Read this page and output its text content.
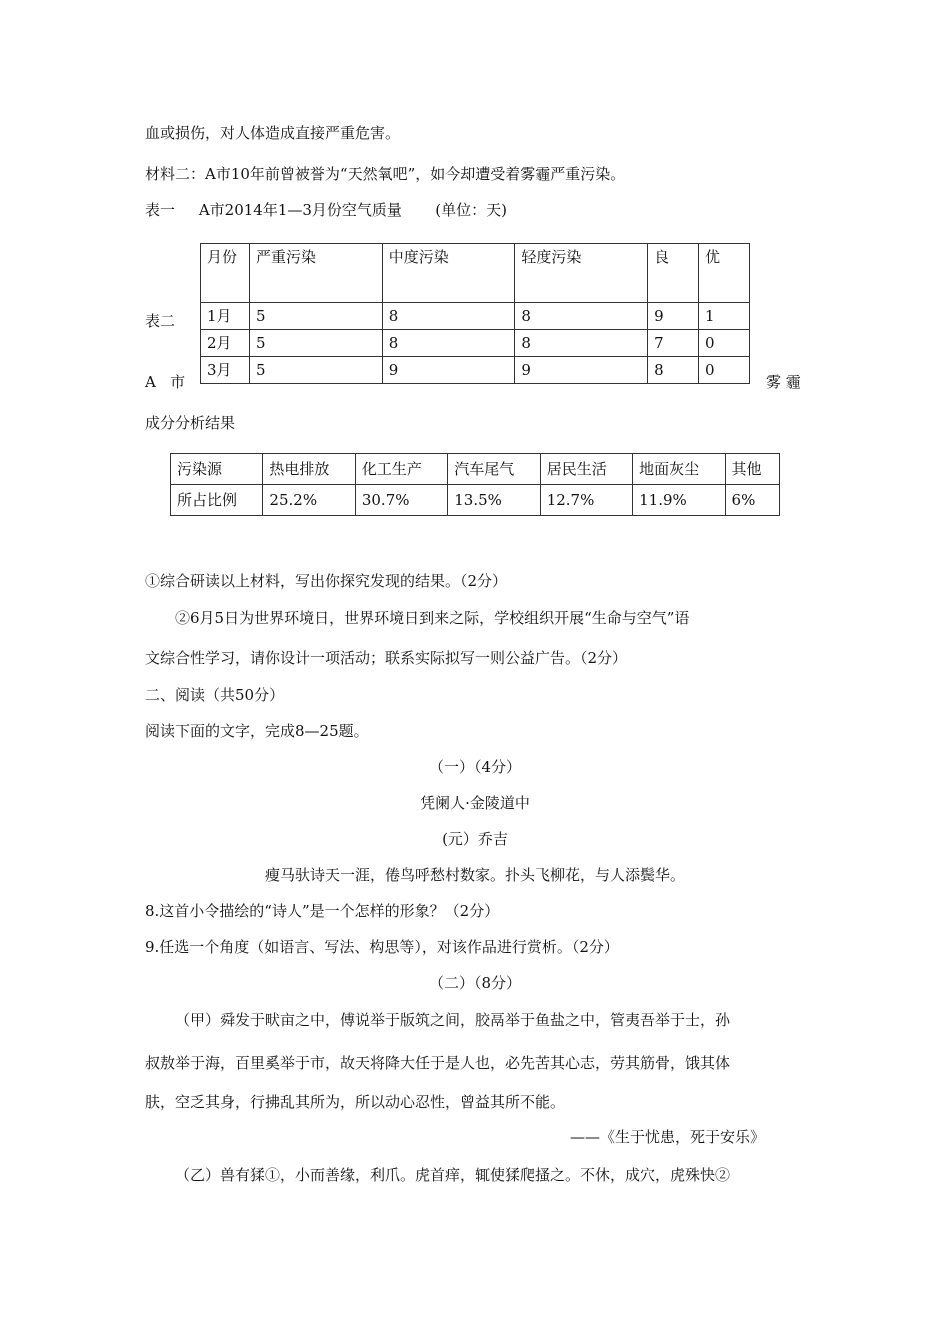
血或损伤，对人体造成直接严重危害。
材料二：A市10年前曾被誉为“天然氧吧”，如今却遭受着雾霾严重污染。
表一     A市2014年1—3月份空气质量       (单位：天)
月份	严重污染	中度污染	轻度污染	良	优
1月	5	8	8	9	1
2月	5	8	8	7	0
3月	5	9	9	8	0
表二
A   市	雾 霾
成分分析结果
污染源	热电排放	化工生产	汽车尾气	居民生活	地面灰尘	其他
所占比例	25.2%	30.7%	13.5%	12.7%	11.9%	6%
①综合研读以上材料，写出你探究发现的结果。（2分）
②6月5日为世界环境日，世界环境日到来之际，学校组织开展“生命与空气”语
文综合性学习，请你设计一项活动；联系实际拟写一则公益广告。（2分）
二、阅读（共50分）
阅读下面的文字，完成8—25题。
（一）（4分）
凭阑人·金陵道中
(元）乔吉
瘦马驮诗天一涯，倦鸟呼愁村数家。扑头飞柳花，与人添鬓华。
8.这首小令描绘的“诗人”是一个怎样的形象？（2分）
9.任选一个角度（如语言、写法、构思等），对该作品进行赏析。（2分）
（二）（8分）
（甲）舜发于畎亩之中，傅说举于版筑之间，胶鬲举于鱼盐之中，管夷吾举于士，孙
叔敖举于海，百里奚举于市，故天将降大任于是人也，必先苦其心志，劳其筋骨，饿其体
肤，空乏其身，行拂乱其所为，所以动心忍性，曾益其所不能。
——《生于忧患，死于安乐》
（乙）兽有猱①，小而善缘，利爪。虎首痒，辄使猱爬搔之。不休，成穴，虎殊快②
